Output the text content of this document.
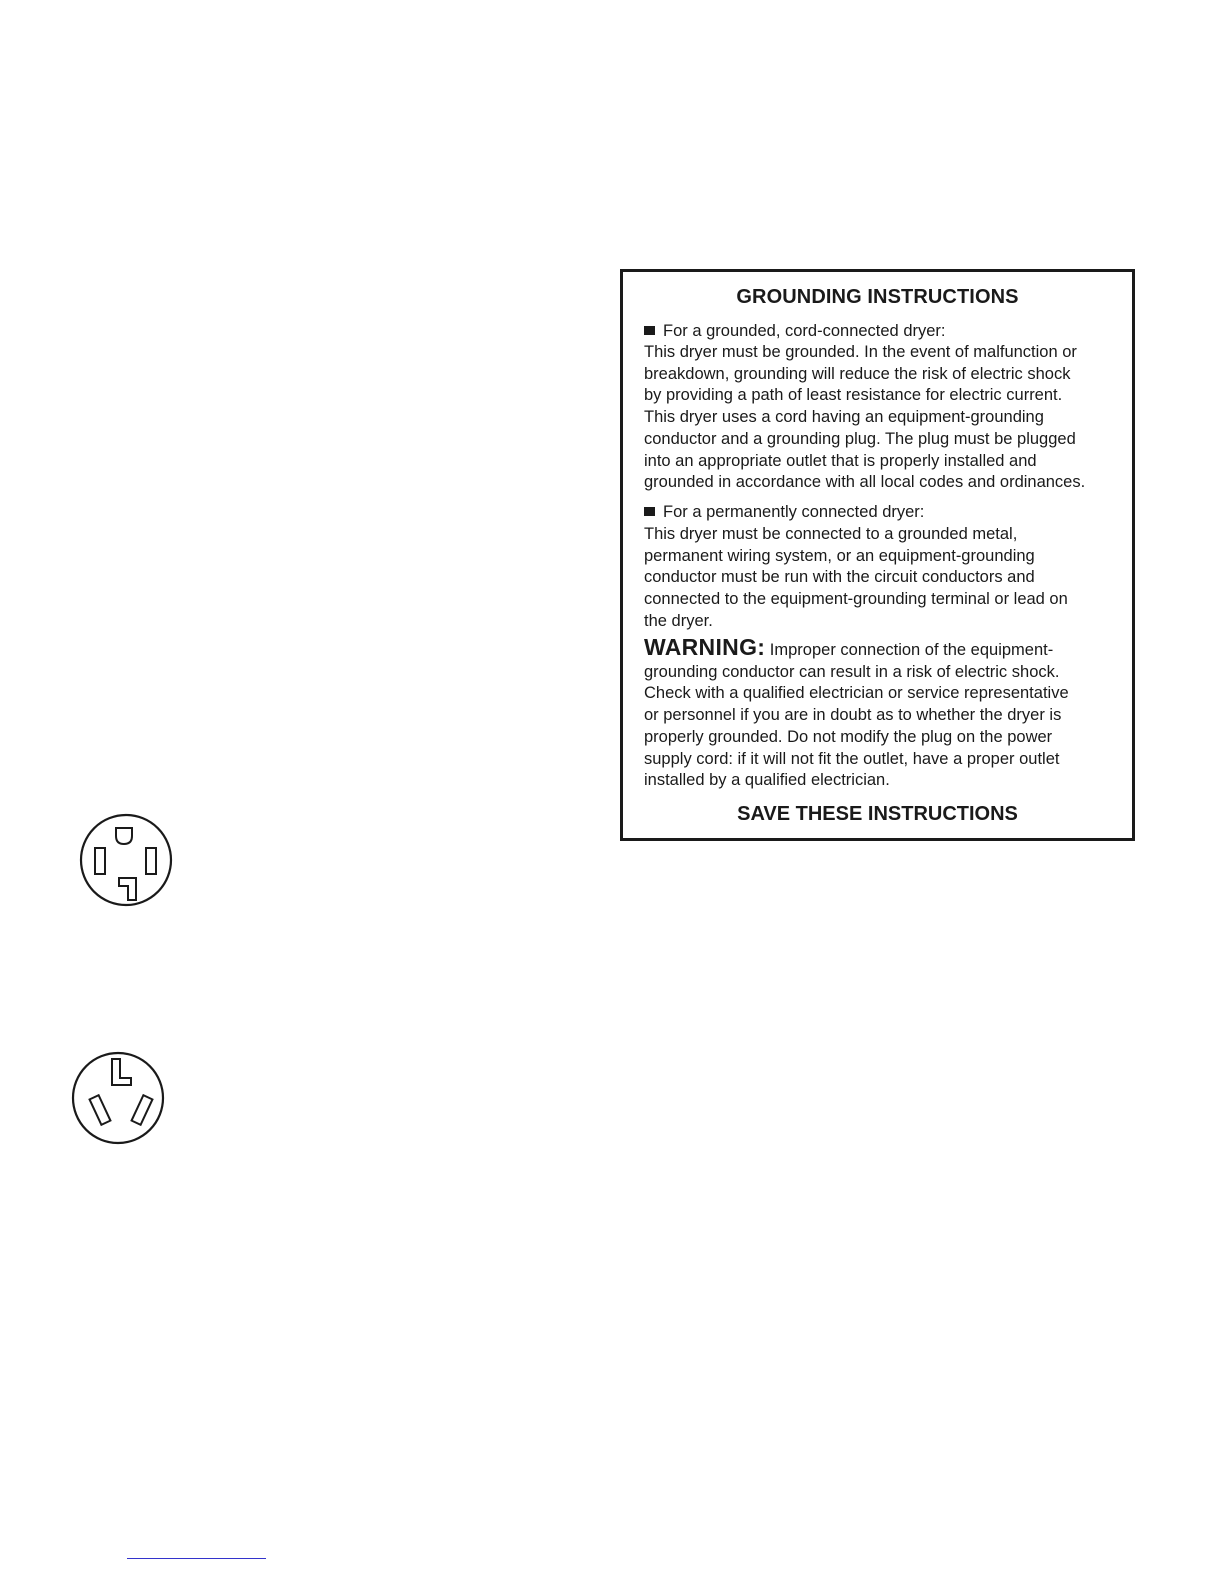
GROUNDING INSTRUCTIONS
For a grounded, cord-connected dryer:
This dryer must be grounded. In the event of malfunction or
breakdown, grounding will reduce the risk of electric shock
by providing a path of least resistance for electric current.
This dryer uses a cord having an equipment-grounding
conductor and a grounding plug. The plug must be plugged
into an appropriate outlet that is properly installed and
grounded in accordance with all local codes and ordinances.
For a permanently connected dryer:
This dryer must be connected to a grounded metal,
permanent wiring system, or an equipment-grounding
conductor must be run with the circuit conductors and
connected to the equipment-grounding terminal or lead on
the dryer.
WARNING: Improper connection of the equipment-
grounding conductor can result in a risk of electric shock.
Check with a qualified electrician or service representative
or personnel if you are in doubt as to whether the dryer is
properly grounded. Do not modify the plug on the power
supply cord: if it will not fit the outlet, have a proper outlet
installed by a qualified electrician.
SAVE THESE INSTRUCTIONS
